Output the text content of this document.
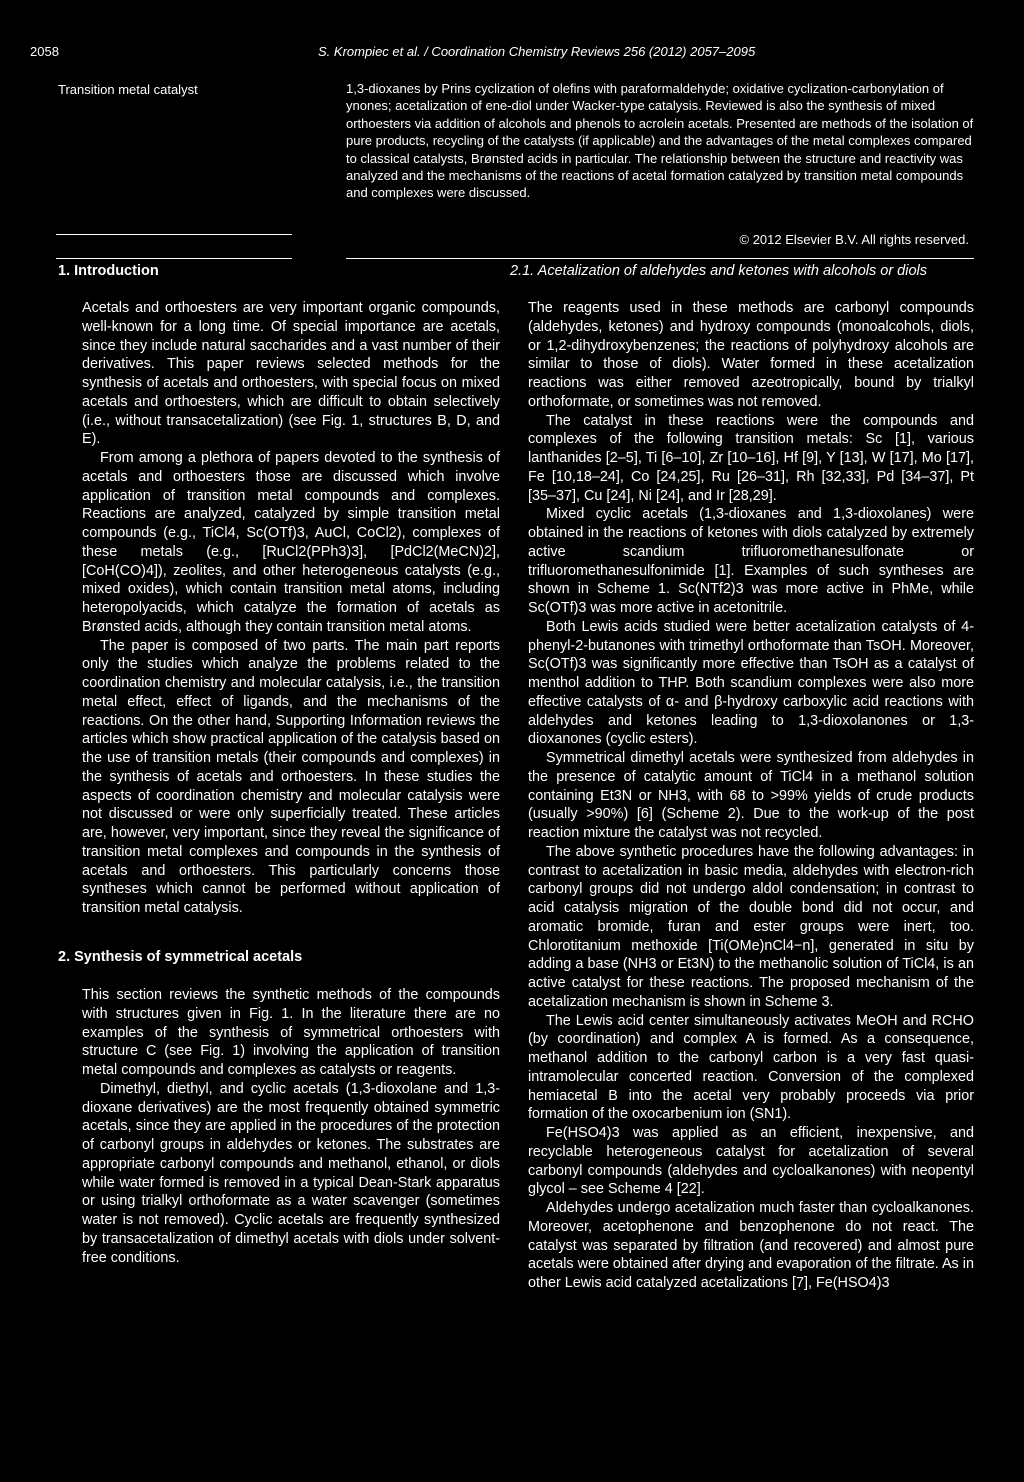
2058	S. Krompiec et al. / Coordination Chemistry Reviews 256 (2012) 2057–2095
Transition metal catalyst	1,3-dioxanes by Prins cyclization of olefins with paraformaldehyde; oxidative cyclization-carbonylation of ynones; acetalization of ene-diol under Wacker-type catalysis. Reviewed is also the synthesis of mixed orthoesters via addition of alcohols and phenols to acrolein acetals. Presented are methods of the isolation of pure products, recycling of the catalysts (if applicable) and the advantages of the metal complexes compared to classical catalysts, Brønsted acids in particular. The relationship between the structure and reactivity was analyzed and the mechanisms of the reactions of acetal formation catalyzed by transition metal compounds and complexes were discussed.

© 2012 Elsevier B.V. All rights reserved.
1. Introduction

Acetals and orthoesters are very important organic compounds, well-known for a long time. Of special importance are acetals, since they include natural saccharides and a vast number of their derivatives. This paper reviews selected methods for the synthesis of acetals and orthoesters, with special focus on mixed acetals and orthoesters, which are difficult to obtain selectively (i.e., without transacetalization) (see Fig. 1, structures B, D, and E).

From among a plethora of papers devoted to the synthesis of acetals and orthoesters those are discussed which involve application of transition metal compounds and complexes. Reactions are analyzed, catalyzed by simple transition metal compounds (e.g., TiCl4, Sc(OTf)3, AuCl, CoCl2), complexes of these metals (e.g., [RuCl2(PPh3)3], [PdCl2(MeCN)2], [CoH(CO)4]), zeolites, and other heterogeneous catalysts (e.g., mixed oxides), which contain transition metal atoms, including heteropolyacids, which catalyze the formation of acetals as Brønsted acids, although they contain transition metal atoms.

The paper is composed of two parts. The main part reports only the studies which analyze the problems related to the coordination chemistry and molecular catalysis, i.e., the transition metal effect, effect of ligands, and the mechanisms of the reactions. On the other hand, Supporting Information reviews the articles which show practical application of the catalysis based on the use of transition metals (their compounds and complexes) in the synthesis of acetals and orthoesters. In these studies the aspects of coordination chemistry and molecular catalysis were not discussed or were only superficially treated. These articles are, however, very important, since they reveal the significance of transition metal complexes and compounds in the synthesis of acetals and orthoesters. This particularly concerns those syntheses which cannot be performed without application of transition metal catalysis.

2. Synthesis of symmetrical acetals

This section reviews the synthetic methods of the compounds with structures given in Fig. 1. In the literature there are no examples of the synthesis of symmetrical orthoesters with structure C (see Fig. 1) involving the application of transition metal compounds and complexes as catalysts or reagents.

Dimethyl, diethyl, and cyclic acetals (1,3-dioxolane and 1,3-dioxane derivatives) are the most frequently obtained symmetric acetals, since they are applied in the procedures of the protection of carbonyl groups in aldehydes or ketones. The substrates are appropriate carbonyl compounds and methanol, ethanol, or diols while water formed is removed in a typical Dean-Stark apparatus or using trialkyl orthoformate as a water scavenger (sometimes water is not removed). Cyclic acetals are frequently synthesized by transacetalization of dimethyl acetals with diols under solvent-free conditions.

2.1. Acetalization of aldehydes and ketones with alcohols or diols

The reagents used in these methods are carbonyl compounds (aldehydes, ketones) and hydroxy compounds (monoalcohols, diols, or 1,2-dihydroxybenzenes; the reactions of polyhydroxy alcohols are similar to those of diols). Water formed in these acetalization reactions was either removed azeotropically, bound by trialkyl orthoformate, or sometimes was not removed.

The catalyst in these reactions were the compounds and complexes of the following transition metals: Sc [1], various lanthanides [2–5], Ti [6–10], Zr [10–16], Hf [9], Y [13], W [17], Mo [17], Fe [10,18–24], Co [24,25], Ru [26–31], Rh [32,33], Pd [34–37], Pt [35–37], Cu [24], Ni [24], and Ir [28,29].

Mixed cyclic acetals (1,3-dioxanes and 1,3-dioxolanes) were obtained in the reactions of ketones with diols catalyzed by extremely active scandium trifluoromethanesulfonate or trifluoromethanesulfonimide [1]. Examples of such syntheses are shown in Scheme 1. Sc(NTf2)3 was more active in PhMe, while Sc(OTf)3 was more active in acetonitrile.

Both Lewis acids studied were better acetalization catalysts of 4-phenyl-2-butanones with trimethyl orthoformate than TsOH. Moreover, Sc(OTf)3 was significantly more effective than TsOH as a catalyst of menthol addition to THP. Both scandium complexes were also more effective catalysts of α- and β-hydroxy carboxylic acid reactions with aldehydes and ketones leading to 1,3-dioxolanones or 1,3-dioxanones (cyclic esters).

Symmetrical dimethyl acetals were synthesized from aldehydes in the presence of catalytic amount of TiCl4 in a methanol solution containing Et3N or NH3, with 68 to >99% yields of crude products (usually >90%) [6] (Scheme 2). Due to the work-up of the post reaction mixture the catalyst was not recycled.

The above synthetic procedures have the following advantages: in contrast to acetalization in basic media, aldehydes with electron-rich carbonyl groups did not undergo aldol condensation; in contrast to acid catalysis migration of the double bond did not occur, and aromatic bromide, furan and ester groups were inert, too. Chlorotitanium methoxide [Ti(OMe)nCl4−n], generated in situ by adding a base (NH3 or Et3N) to the methanolic solution of TiCl4, is an active catalyst for these reactions. The proposed mechanism of the acetalization mechanism is shown in Scheme 3.

The Lewis acid center simultaneously activates MeOH and RCHO (by coordination) and complex A is formed. As a consequence, methanol addition to the carbonyl carbon is a very fast quasi-intramolecular concerted reaction. Conversion of the complexed hemiacetal B into the acetal very probably proceeds via prior formation of the oxocarbenium ion (SN1).

Fe(HSO4)3 was applied as an efficient, inexpensive, and recyclable heterogeneous catalyst for acetalization of several carbonyl compounds (aldehydes and cycloalkanones) with neopentyl glycol – see Scheme 4 [22].

Aldehydes undergo acetalization much faster than cycloalkanones. Moreover, acetophenone and benzophenone do not react. The catalyst was separated by filtration (and recovered) and almost pure acetals were obtained after drying and evaporation of the filtrate. As in other Lewis acid catalyzed acetalizations [7], Fe(HSO4)3
